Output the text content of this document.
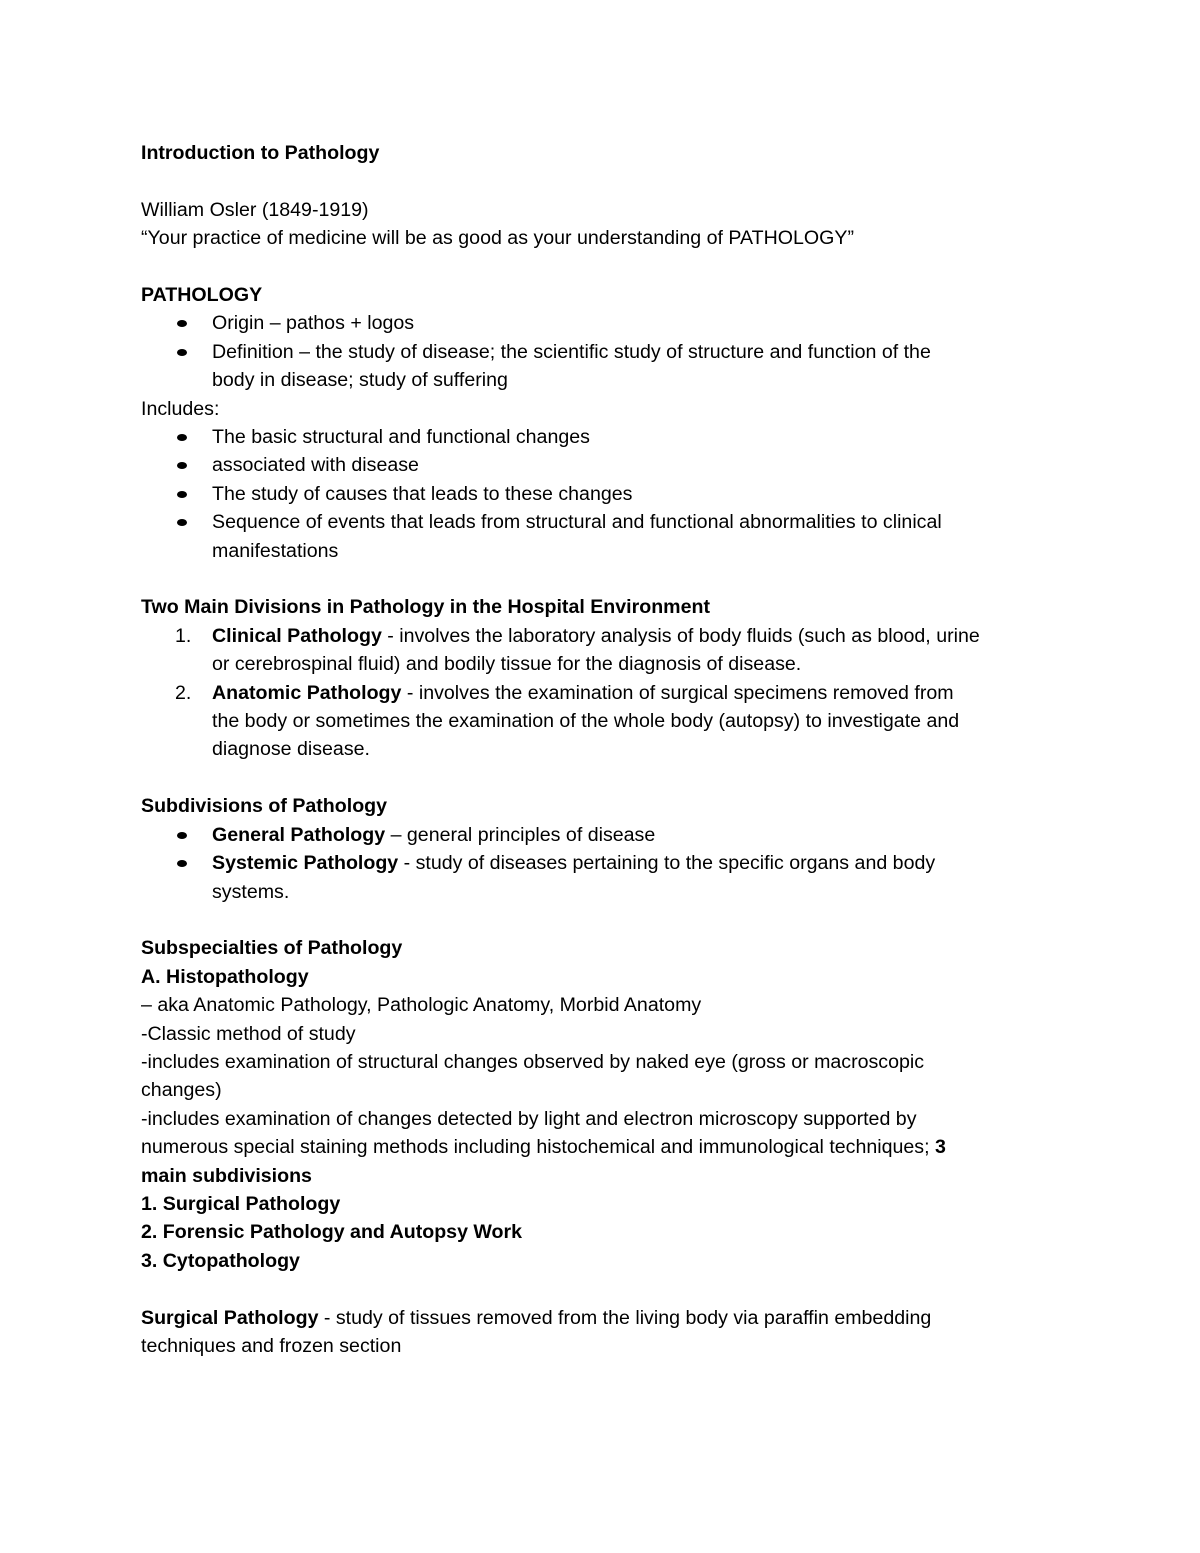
Introduction to Pathology
William Osler (1849-1919)
“Your practice of medicine will be as good as your understanding of PATHOLOGY”
PATHOLOGY
Origin – pathos + logos
Definition – the study of disease; the scientific study of structure and function of the
body in disease; study of suffering
Includes:
The basic structural and functional changes
associated with disease
The study of causes that leads to these changes
Sequence of events that leads from structural and functional abnormalities to clinical
manifestations
Two Main Divisions in Pathology in the Hospital Environment
1. Clinical Pathology - involves the laboratory analysis of body fluids (such as blood, urine
or cerebrospinal fluid) and bodily tissue for the diagnosis of disease.
2. Anatomic Pathology - involves the examination of surgical specimens removed from
the body or sometimes the examination of the whole body (autopsy) to investigate and
diagnose disease.
Subdivisions of Pathology
General Pathology – general principles of disease
Systemic Pathology - study of diseases pertaining to the specific organs and body
systems.
Subspecialties of Pathology
A. Histopathology
– aka Anatomic Pathology, Pathologic Anatomy, Morbid Anatomy
-Classic method of study
-includes examination of structural changes observed by naked eye (gross or macroscopic
changes)
-includes examination of changes detected by light and electron microscopy supported by
numerous special staining methods including histochemical and immunological techniques; 3
main subdivisions
1. Surgical Pathology
2. Forensic Pathology and Autopsy Work
3. Cytopathology
Surgical Pathology - study of tissues removed from the living body via paraffin embedding
techniques and frozen section
